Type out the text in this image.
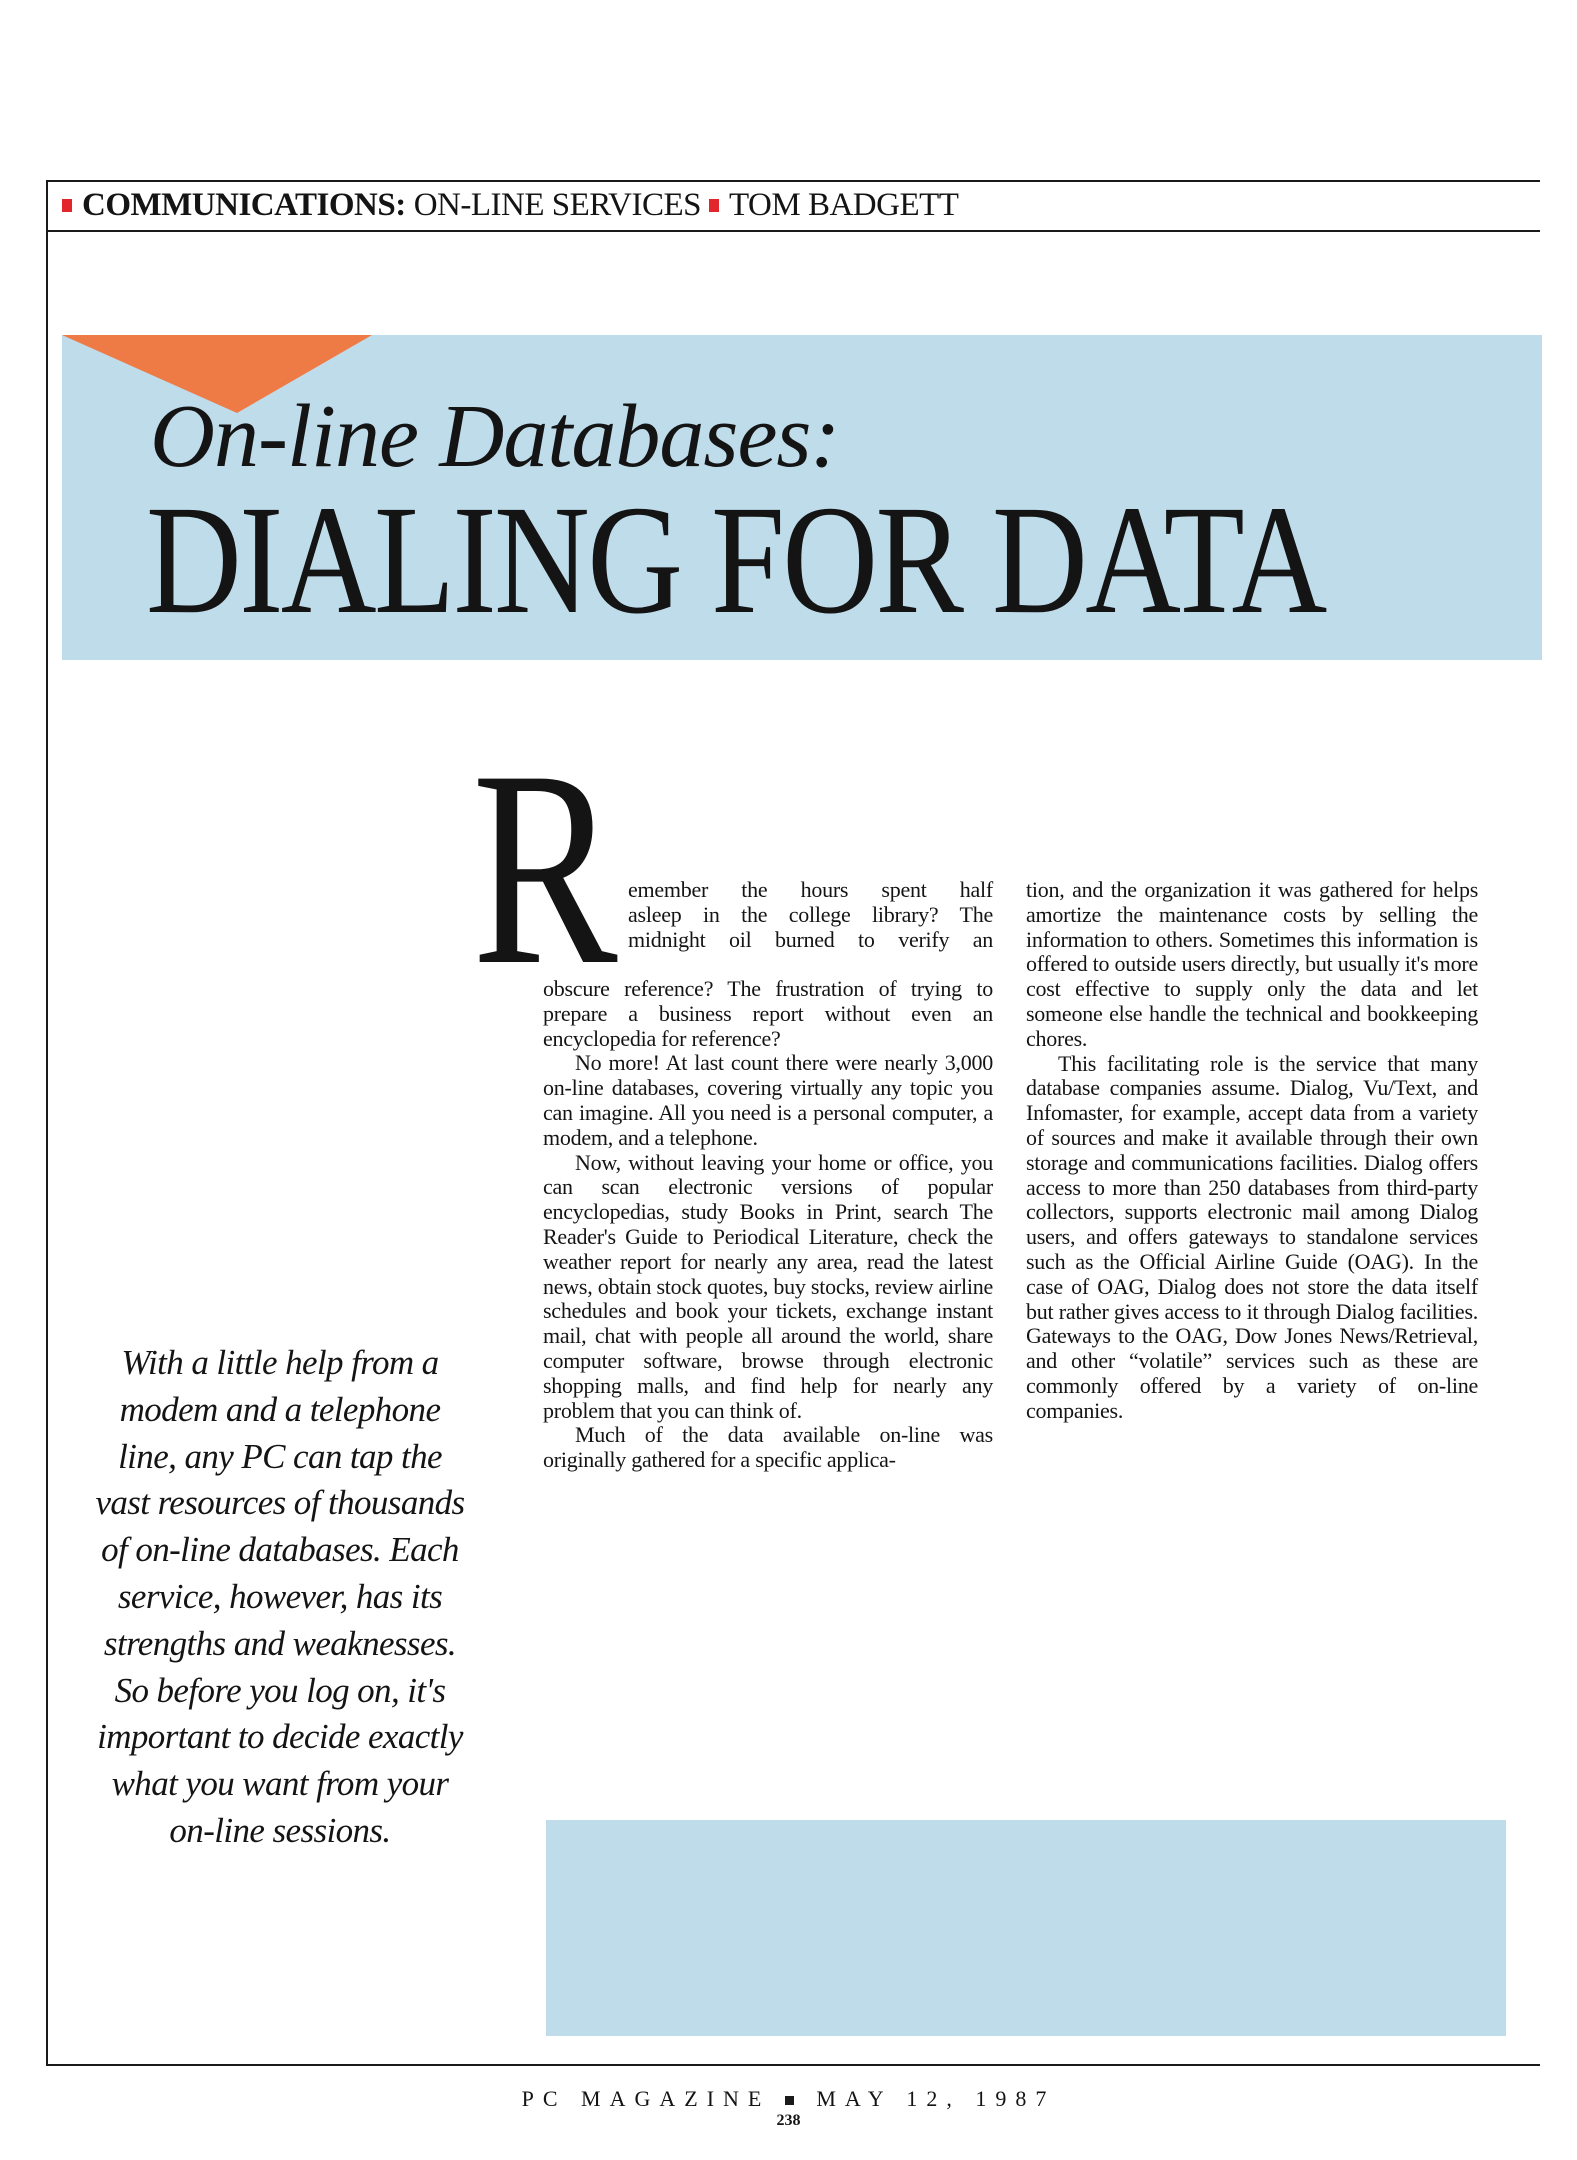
COMMUNICATIONS: ON-LINE SERVICES TOM BADGETT
On-line Databases:
DIALING FOR DATA
R emember the hours spent half

asleep in the college library? The

midnight oil burned to verify an

obscure reference? The frustration of trying to prepare a business report without even an encyclopedia for reference?

No more! At last count there were nearly 3,000 on-line databases, covering virtually any topic you can imagine. All you need is a personal computer, a modem, and a telephone.

Now, without leaving your home or office, you can scan electronic versions of popular encyclopedias, study Books in Print, search The Reader's Guide to Periodical Literature, check the weather report for nearly any area, read the latest news, obtain stock quotes, buy stocks, review airline schedules and book your tickets, exchange instant mail, chat with people all around the world, share computer software, browse through electronic shopping malls, and find help for nearly any problem that you can think of.

Much of the data available on-line was originally gathered for a specific applica-

tion, and the organization it was gathered for helps amortize the maintenance costs by selling the information to others. Sometimes this information is offered to outside users directly, but usually it's more cost effective to supply only the data and let someone else handle the technical and bookkeeping chores.

This facilitating role is the service that many database companies assume. Dialog, Vu/Text, and Infomaster, for example, accept data from a variety of sources and make it available through their own storage and communications facilities. Dialog offers access to more than 250 databases from third-party collectors, supports electronic mail among Dialog users, and offers gateways to standalone services such as the Official Airline Guide (OAG). In the case of OAG, Dialog does not store the data itself but rather gives access to it through Dialog facilities. Gateways to the OAG, Dow Jones News/Retrieval, and other “volatile” services such as these are commonly offered by a variety of on-line companies.

With a little help from a modem and a telephone line, any PC can tap the vast resources of thousands of on-line databases. Each service, however, has its strengths and weaknesses. So before you log on, it's important to decide exactly what you want from your on-line sessions.
PC MAGAZINE MAY 12, 1987
238
